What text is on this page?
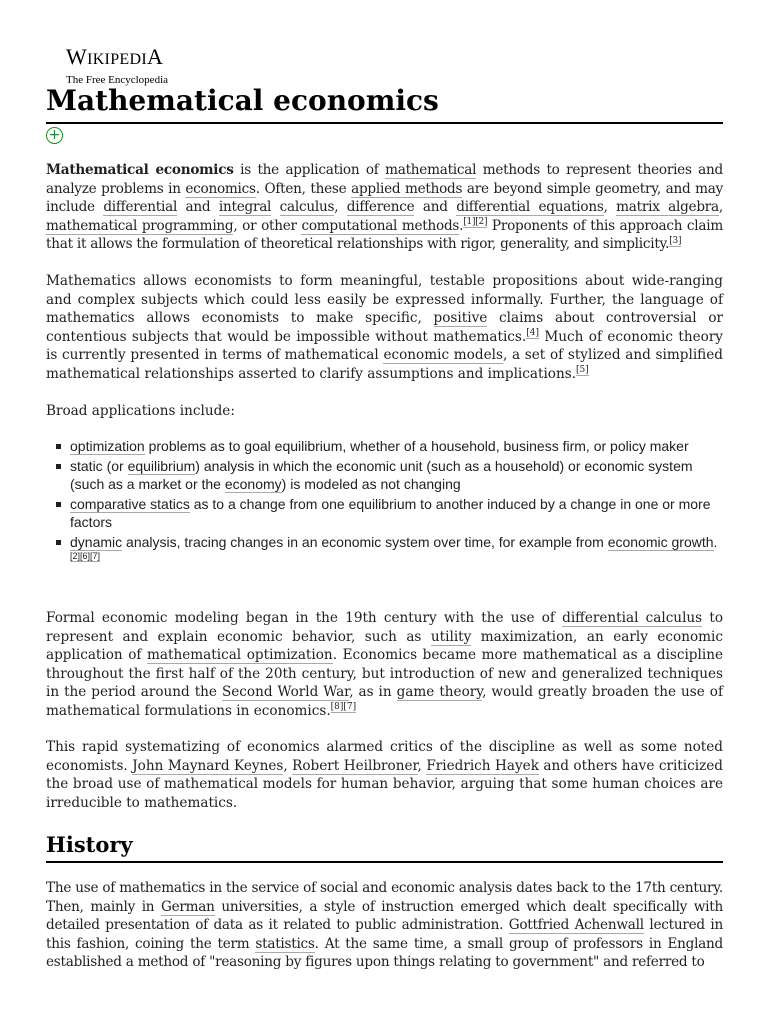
WIKIPEDIA
The Free Encyclopedia
Mathematical economics
+

Mathematical economics is the application of mathematical methods to represent theories and analyze problems in economics. Often, these applied methods are beyond simple geometry, and may include differential and integral calculus, difference and differential equations, matrix algebra, mathematical programming, or other computational methods.[1][2] Proponents of this approach claim that it allows the formulation of theoretical relationships with rigor, generality, and simplicity.[3]

Mathematics allows economists to form meaningful, testable propositions about wide-ranging and complex subjects which could less easily be expressed informally. Further, the language of mathematics allows economists to make specific, positive claims about controversial or contentious subjects that would be impossible without mathematics.[4] Much of economic theory is currently presented in terms of mathematical economic models, a set of stylized and simplified mathematical relationships asserted to clarify assumptions and implications.[5]

Broad applications include:

optimization problems as to goal equilibrium, whether of a household, business firm, or policy maker
static (or equilibrium) analysis in which the economic unit (such as a household) or economic system (such as a market or the economy) is modeled as not changing
comparative statics as to a change from one equilibrium to another induced by a change in one or more factors
dynamic analysis, tracing changes in an economic system over time, for example from economic growth.[2][6][7]

Formal economic modeling began in the 19th century with the use of differential calculus to represent and explain economic behavior, such as utility maximization, an early economic application of mathematical optimization. Economics became more mathematical as a discipline throughout the first half of the 20th century, but introduction of new and generalized techniques in the period around the Second World War, as in game theory, would greatly broaden the use of mathematical formulations in economics.[8][7]

This rapid systematizing of economics alarmed critics of the discipline as well as some noted economists. John Maynard Keynes, Robert Heilbroner, Friedrich Hayek and others have criticized the broad use of mathematical models for human behavior, arguing that some human choices are irreducible to mathematics.

History

The use of mathematics in the service of social and economic analysis dates back to the 17th century. Then, mainly in German universities, a style of instruction emerged which dealt specifically with detailed presentation of data as it related to public administration. Gottfried Achenwall lectured in this fashion, coining the term statistics. At the same time, a small group of professors in England established a method of "reasoning by figures upon things relating to government" and referred to
